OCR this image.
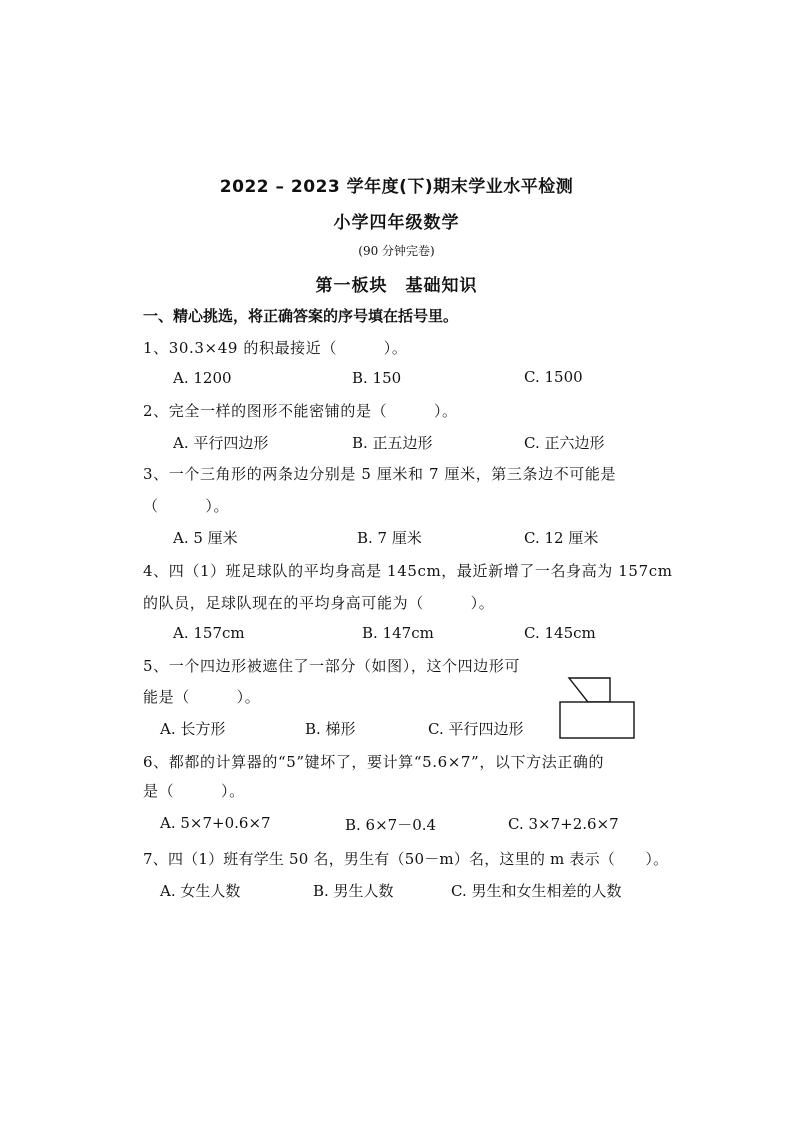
2022 – 2023 学年度(下)期末学业水平检测
小学四年级数学
(90 分钟完卷)
第一板块　基础知识
一、精心挑选，将正确答案的序号填在括号里。
1、30.3×49 的积最接近（　　　）。
A. 1200	B. 150	C. 1500
2、完全一样的图形不能密铺的是（　　　）。
A. 平行四边形	B. 正五边形	C. 正六边形
3、一个三角形的两条边分别是 5 厘米和 7 厘米，第三条边不可能是
（　　　）。
A. 5 厘米	B. 7 厘米	C. 12 厘米
4、四（1）班足球队的平均身高是 145cm，最近新增了一名身高为 157cm
的队员，足球队现在的平均身高可能为（　　　）。
A. 157cm	B. 147cm	C. 145cm
5、一个四边形被遮住了一部分（如图），这个四边形可
能是（　　　）。
A. 长方形	B. 梯形	C. 平行四边形
6、都都的计算器的“5”键坏了，要计算“5.6×7”，以下方法正确的
是（　　　）。
A. 5×7+0.6×7	B. 6×7－0.4	C. 3×7+2.6×7
7、四（1）班有学生 50 名，男生有（50－m）名，这里的 m 表示（　　）。
A. 女生人数	B. 男生人数	C. 男生和女生相差的人数
